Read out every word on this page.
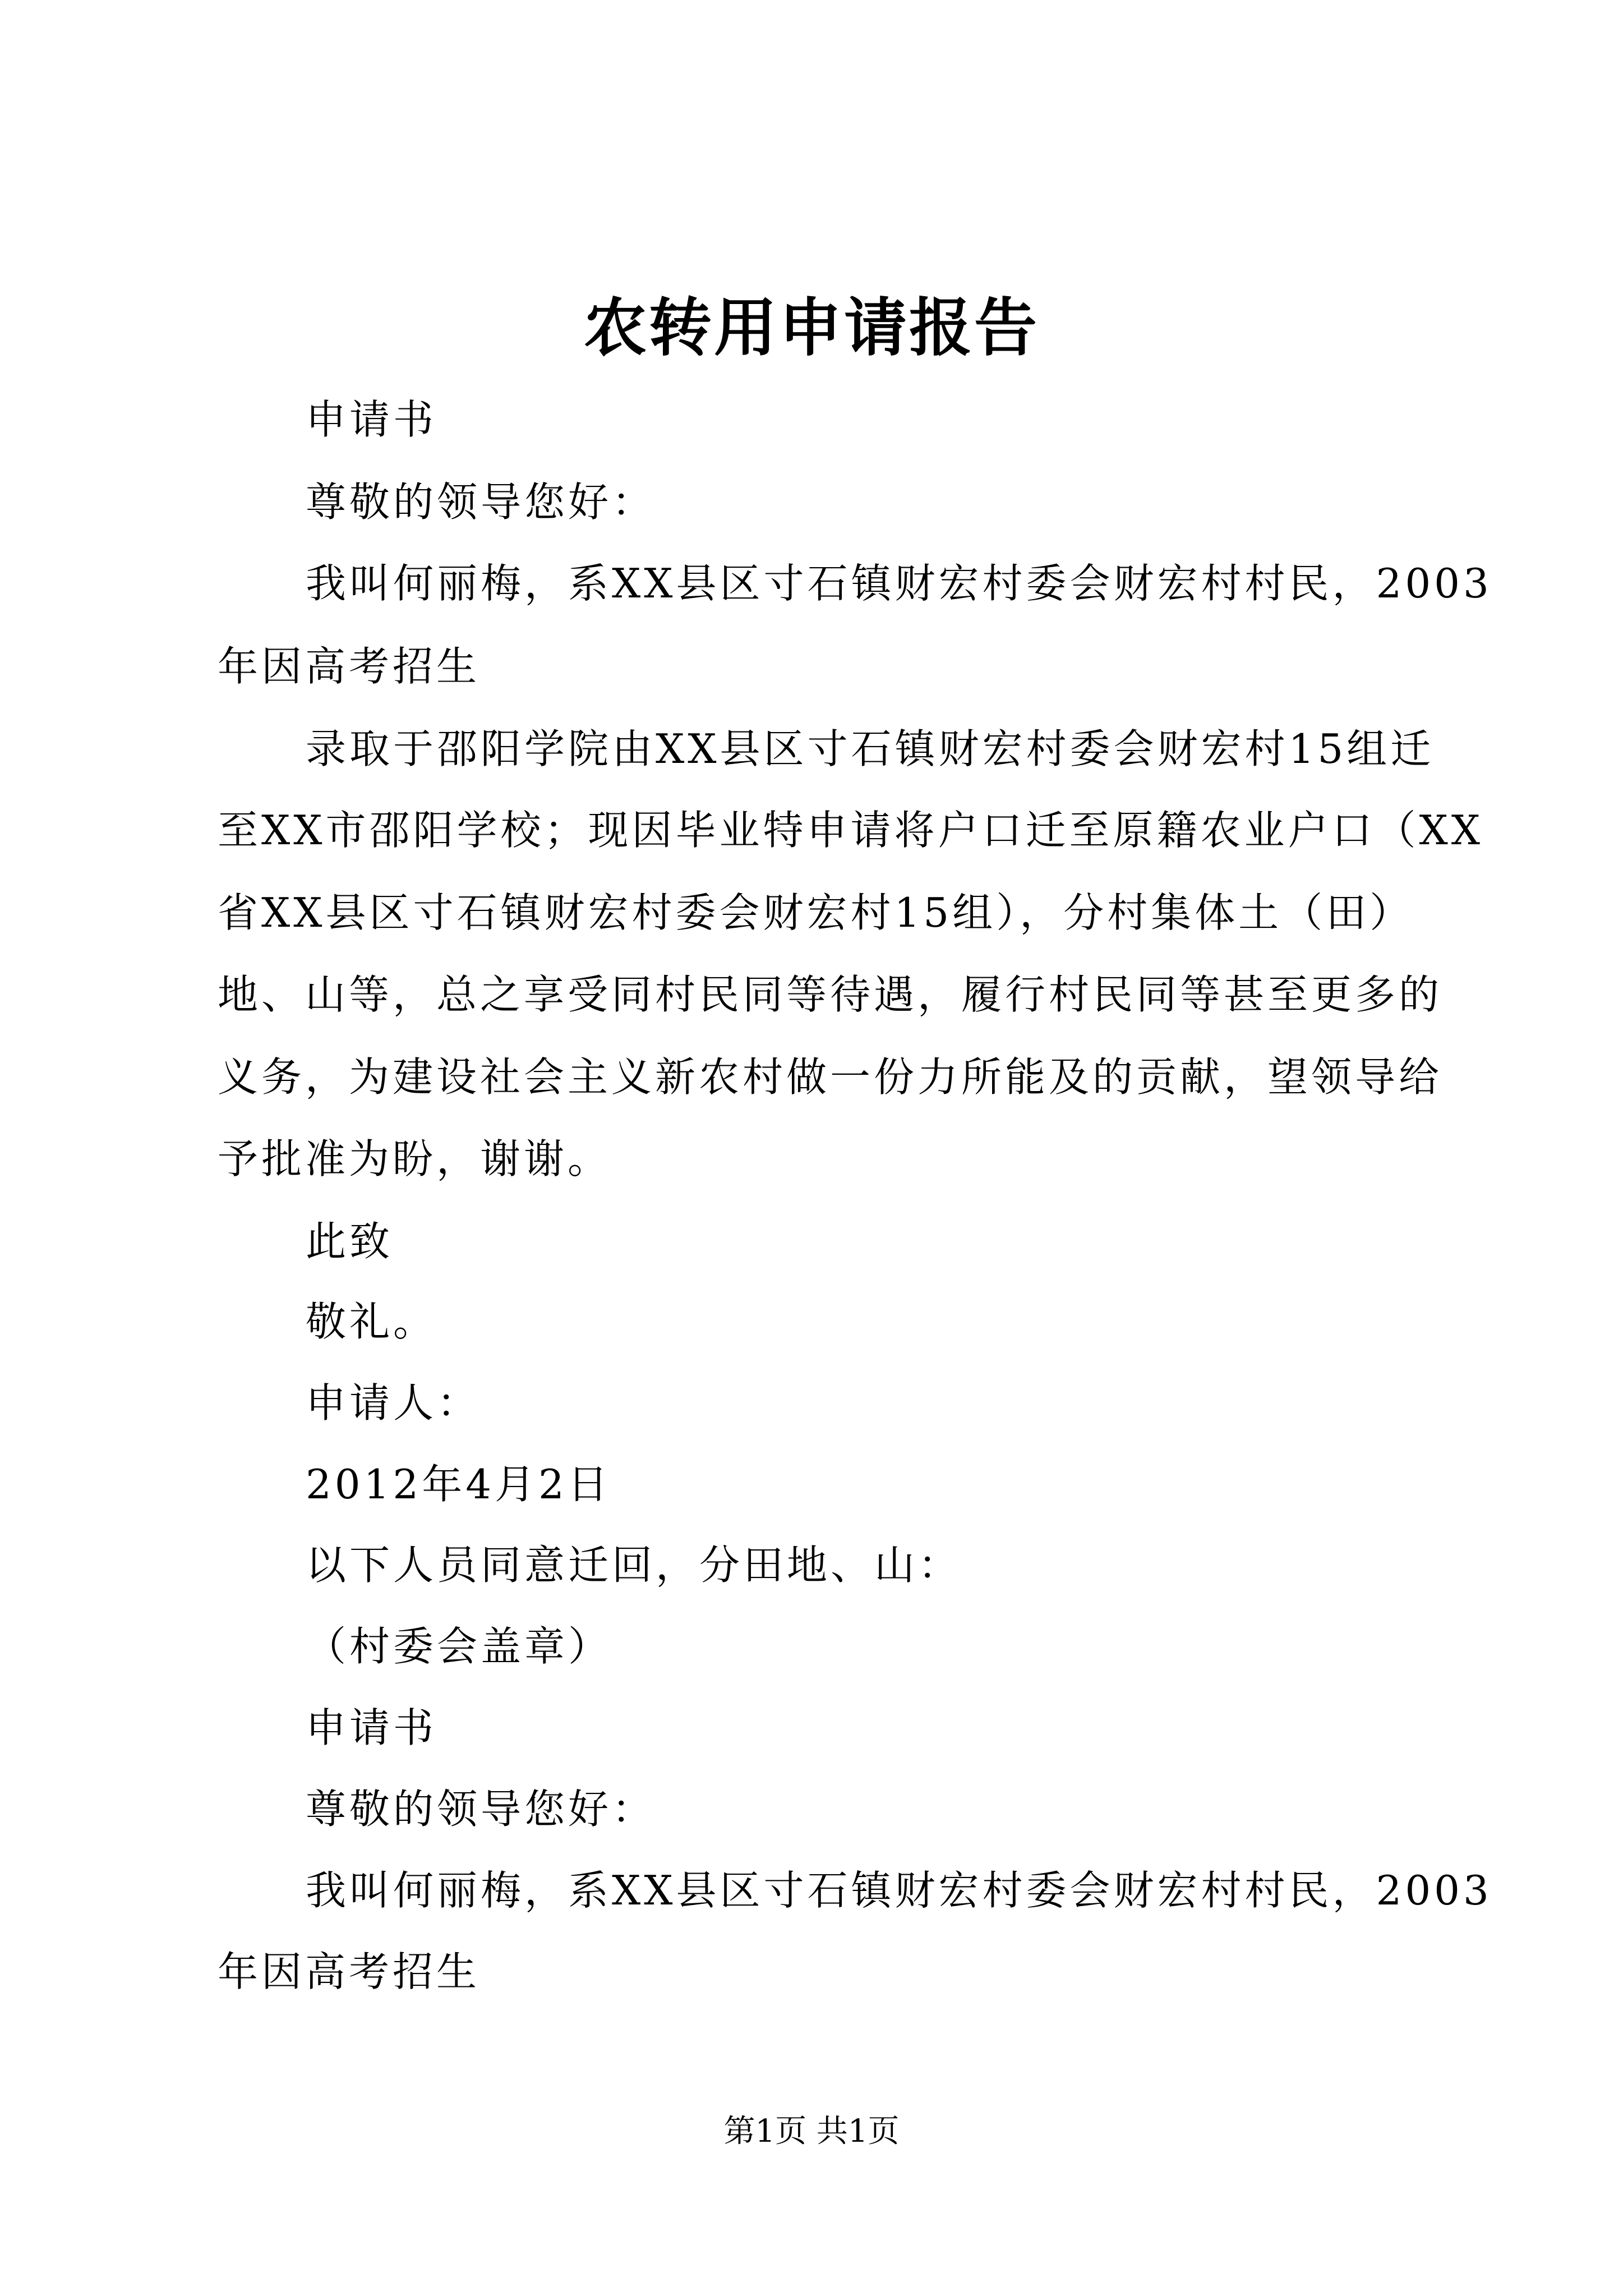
农转用申请报告
申请书
尊敬的领导您好：
我叫何丽梅，系XX县区寸石镇财宏村委会财宏村村民，2003
年因高考招生
录取于邵阳学院由XX县区寸石镇财宏村委会财宏村15组迁
至XX市邵阳学校；现因毕业特申请将户口迁至原籍农业户口（XX
省XX县区寸石镇财宏村委会财宏村15组），分村集体土（田）
地、山等，总之享受同村民同等待遇，履行村民同等甚至更多的
义务，为建设社会主义新农村做一份力所能及的贡献，望领导给
予批准为盼，谢谢。
此致
敬礼。
申请人：
2012年4月2日
以下人员同意迁回，分田地、山：
（村委会盖章）
申请书
尊敬的领导您好：
我叫何丽梅，系XX县区寸石镇财宏村委会财宏村村民，2003
年因高考招生
第1页 共1页
